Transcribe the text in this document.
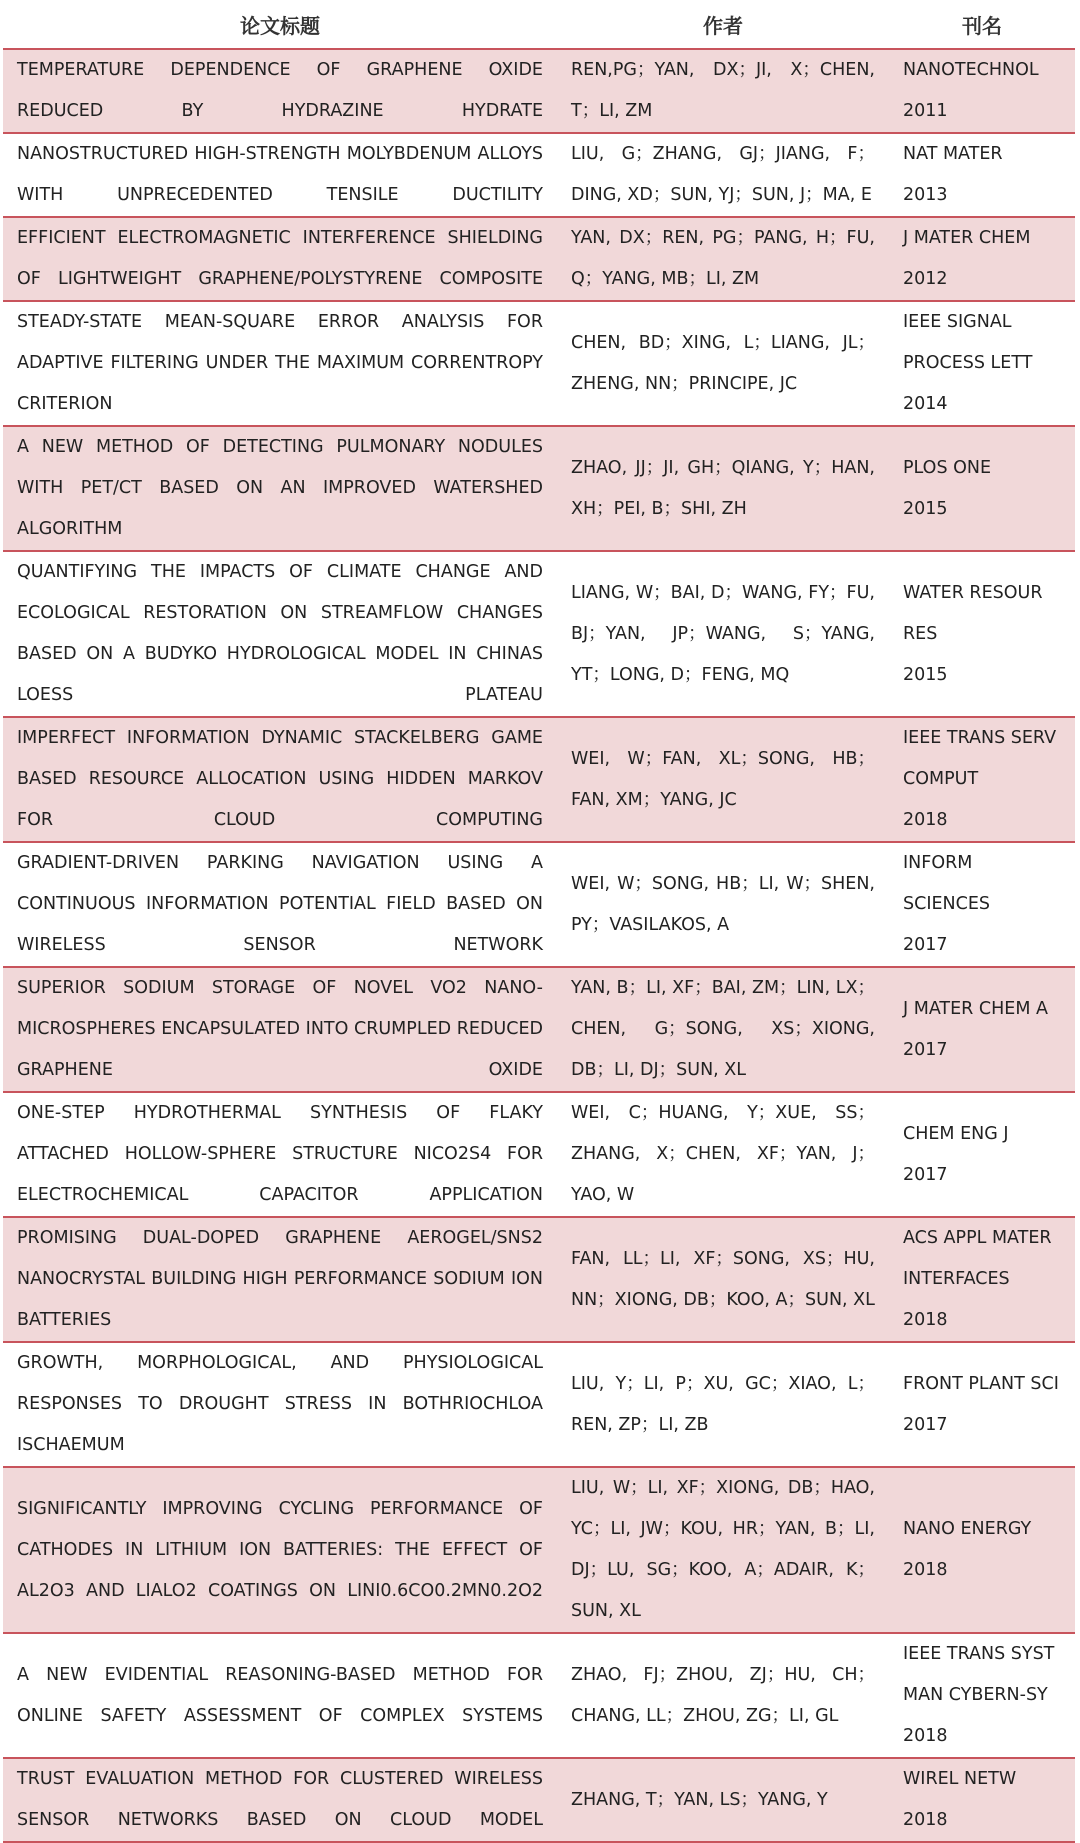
论文标题	作者	刊名
TEMPERATURE DEPENDENCE OF GRAPHENE OXIDE REDUCED BY HYDRAZINE HYDRATE	REN,PG；YAN, DX；JI, X；CHEN, T；LI, ZM	NANOTECHNOL
2011

NANOSTRUCTURED HIGH-STRENGTH MOLYBDENUM ALLOYS WITH UNPRECEDENTED TENSILE DUCTILITY	LIU, G；ZHANG, GJ；JIANG, F；DING, XD；SUN, YJ；SUN, J；MA, E	NAT MATER
2013

EFFICIENT ELECTROMAGNETIC INTERFERENCE SHIELDING OF LIGHTWEIGHT GRAPHENE/POLYSTYRENE COMPOSITE	YAN, DX；REN, PG；PANG, H；FU, Q；YANG, MB；LI, ZM	J MATER CHEM
2012

STEADY-STATE MEAN-SQUARE ERROR ANALYSIS FOR ADAPTIVE FILTERING UNDER THE MAXIMUM CORRENTROPY CRITERION	CHEN, BD；XING, L；LIANG, JL；ZHENG, NN；PRINCIPE, JC	IEEE SIGNAL
PROCESS LETT
2014

A NEW METHOD OF DETECTING PULMONARY NODULES WITH PET/CT BASED ON AN IMPROVED WATERSHED ALGORITHM	ZHAO, JJ；JI, GH；QIANG, Y；HAN, XH；PEI, B；SHI, ZH	PLOS ONE
2015

QUANTIFYING THE IMPACTS OF CLIMATE CHANGE AND ECOLOGICAL RESTORATION ON STREAMFLOW CHANGES BASED ON A BUDYKO HYDROLOGICAL MODEL IN CHINAS LOESS PLATEAU	LIANG, W；BAI, D；WANG, FY；FU, BJ；YAN, JP；WANG, S；YANG, YT；LONG, D；FENG, MQ	WATER RESOUR
RES
2015

IMPERFECT INFORMATION DYNAMIC STACKELBERG GAME BASED RESOURCE ALLOCATION USING HIDDEN MARKOV FOR CLOUD COMPUTING	WEI, W；FAN, XL；SONG, HB；FAN, XM；YANG, JC	IEEE TRANS SERV
COMPUT
2018

GRADIENT-DRIVEN PARKING NAVIGATION USING A CONTINUOUS INFORMATION POTENTIAL FIELD BASED ON WIRELESS SENSOR NETWORK	WEI, W；SONG, HB；LI, W；SHEN, PY；VASILAKOS, A	INFORM SCIENCES
2017

SUPERIOR SODIUM STORAGE OF NOVEL VO2 NANO-MICROSPHERES ENCAPSULATED INTO CRUMPLED REDUCED GRAPHENE OXIDE	YAN, B；LI, XF；BAI, ZM；LIN, LX；CHEN, G；SONG, XS；XIONG, DB；LI, DJ；SUN, XL	J MATER CHEM A
2017

ONE-STEP HYDROTHERMAL SYNTHESIS OF FLAKY ATTACHED HOLLOW-SPHERE STRUCTURE NICO2S4 FOR ELECTROCHEMICAL CAPACITOR APPLICATION	WEI, C；HUANG, Y；XUE, SS；ZHANG, X；CHEN, XF；YAN, J；YAO, W	CHEM ENG J
2017

PROMISING DUAL-DOPED GRAPHENE AEROGEL/SNS2 NANOCRYSTAL BUILDING HIGH PERFORMANCE SODIUM ION BATTERIES	FAN, LL；LI, XF；SONG, XS；HU, NN；XIONG, DB；KOO, A；SUN, XL	ACS APPL MATER
INTERFACES
2018

GROWTH, MORPHOLOGICAL, AND PHYSIOLOGICAL RESPONSES TO DROUGHT STRESS IN BOTHRIOCHLOA ISCHAEMUM	LIU, Y；LI, P；XU, GC；XIAO, L；REN, ZP；LI, ZB	FRONT PLANT SCI
2017

SIGNIFICANTLY IMPROVING CYCLING PERFORMANCE OF CATHODES IN LITHIUM ION BATTERIES: THE EFFECT OF AL2O3 AND LIALO2 COATINGS ON LINI0.6CO0.2MN0.2O2	LIU, W；LI, XF；XIONG, DB；HAO, YC；LI, JW；KOU, HR；YAN, B；LI, DJ；LU, SG；KOO, A；ADAIR, K；SUN, XL	NANO ENERGY
2018

A NEW EVIDENTIAL REASONING-BASED METHOD FOR ONLINE SAFETY ASSESSMENT OF COMPLEX SYSTEMS	ZHAO, FJ；ZHOU, ZJ；HU, CH；CHANG, LL；ZHOU, ZG；LI, GL	IEEE TRANS SYST
MAN CYBERN-SY
2018

TRUST EVALUATION METHOD FOR CLUSTERED WIRELESS SENSOR NETWORKS BASED ON CLOUD MODEL	ZHANG, T；YAN, LS；YANG, Y	WIREL NETW
2018
